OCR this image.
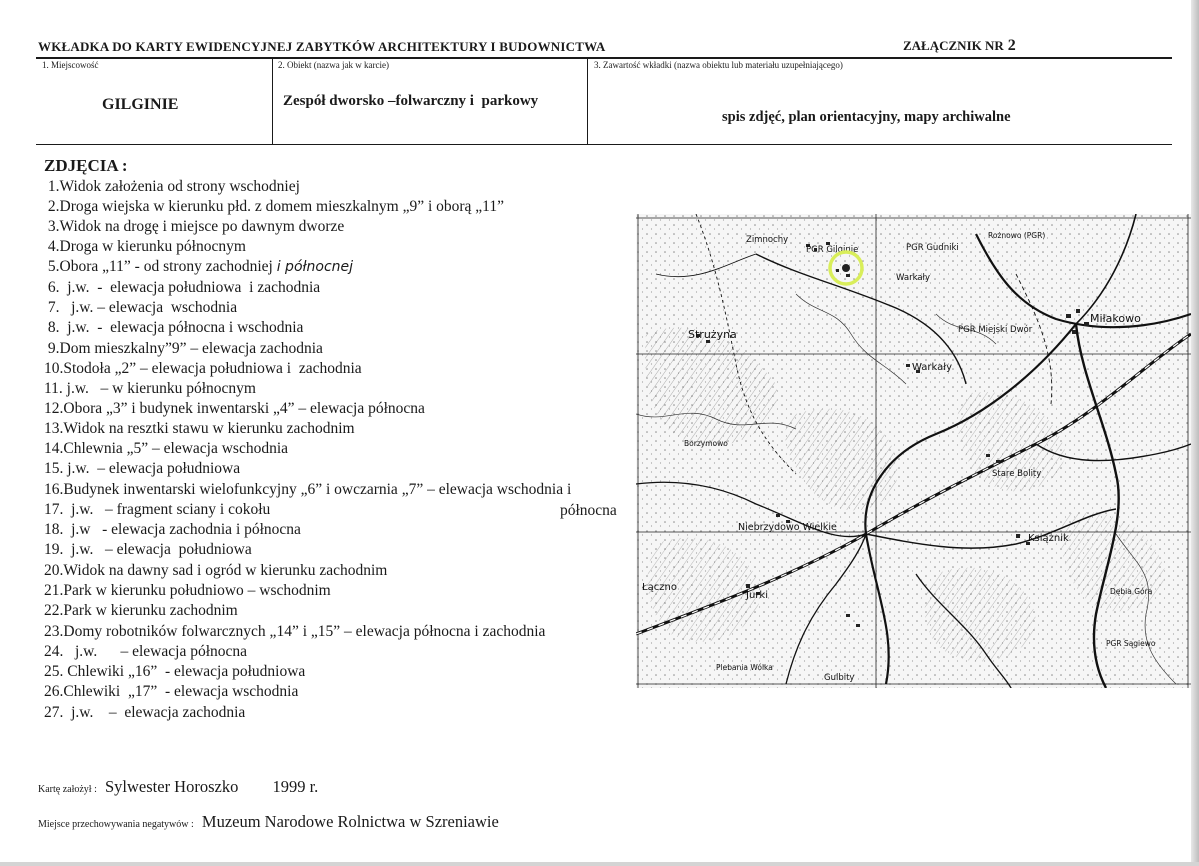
WKŁADKA DO KARTY EWIDENCYJNEJ ZABYTKÓW ARCHITEKTURY I BUDOWNICTWA	ZAŁĄCZNIK NR 2
1. Miejscowość
GILGINIE
2. Obiekt (nazwa jak w karcie)
Zespół dworsko –folwarczny i  parkowy
3. Zawartość wkładki (nazwa obiektu lub materiału uzupełniającego)
spis zdjęć, plan orientacyjny, mapy archiwalne
ZDJĘCIA :
1.Widok założenia od strony wschodniej
2.Droga wiejska w kierunku płd. z domem mieszkalnym „9” i oborą „11”
3.Widok na drogę i miejsce po dawnym dworze
4.Droga w kierunku północnym
5.Obora „11” - od strony zachodniej i północnej
6.  j.w.  -  elewacja południowa  i zachodnia
7.   j.w. – elewacja  wschodnia
8.  j.w.  -  elewacja północna i wschodnia
9.Dom mieszkalny”9” – elewacja zachodnia
10.Stodoła „2” – elewacja południowa i  zachodnia
11. j.w.   – w kierunku północnym
12.Obora „3” i budynek inwentarski „4” – elewacja północna
13.Widok na resztki stawu w kierunku zachodnim
14.Chlewnia „5” – elewacja wschodnia
15. j.w.  – elewacja południowa
16.Budynek inwentarski wielofunkcyjny „6” i owczarnia „7” – elewacja wschodnia i
17.  j.w.   – fragment sciany i cokołu	północna
18.  j.w   - elewacja zachodnia i północna
19.  j.w.   – elewacja  południowa
20.Widok na dawny sad i ogród w kierunku zachodnim
21.Park w kierunku południowo – wschodnim
22.Park w kierunku zachodnim
23.Domy robotników folwarcznych „14” i „15” – elewacja północna i zachodnia
24.   j.w.      – elewacja północna
25. Chlewiki „16”  - elewacja południowa
26.Chlewiki  „17”  - elewacja wschodnia
27.  j.w.    –  elewacja zachodnia
Zimnochy
PGR Gilginie	PGR Gudniki
Rożnowo (PGR)
Warkały
Miłakowo
Strużyna	PGR Miejski Dwór
Warkały
Borzymowo
Stare Bolity
Książnik
Niebrzydowo Wielkie
Łączno
Jurki
Gulbity
PGR Sągiewo
Dębia Góra
Plebania Wólka
Kartę założył : Sylwester Horoszko 1999 r.
Miejsce przechowywania negatywów : Muzeum Narodowe Rolnictwa w Szreniawie
